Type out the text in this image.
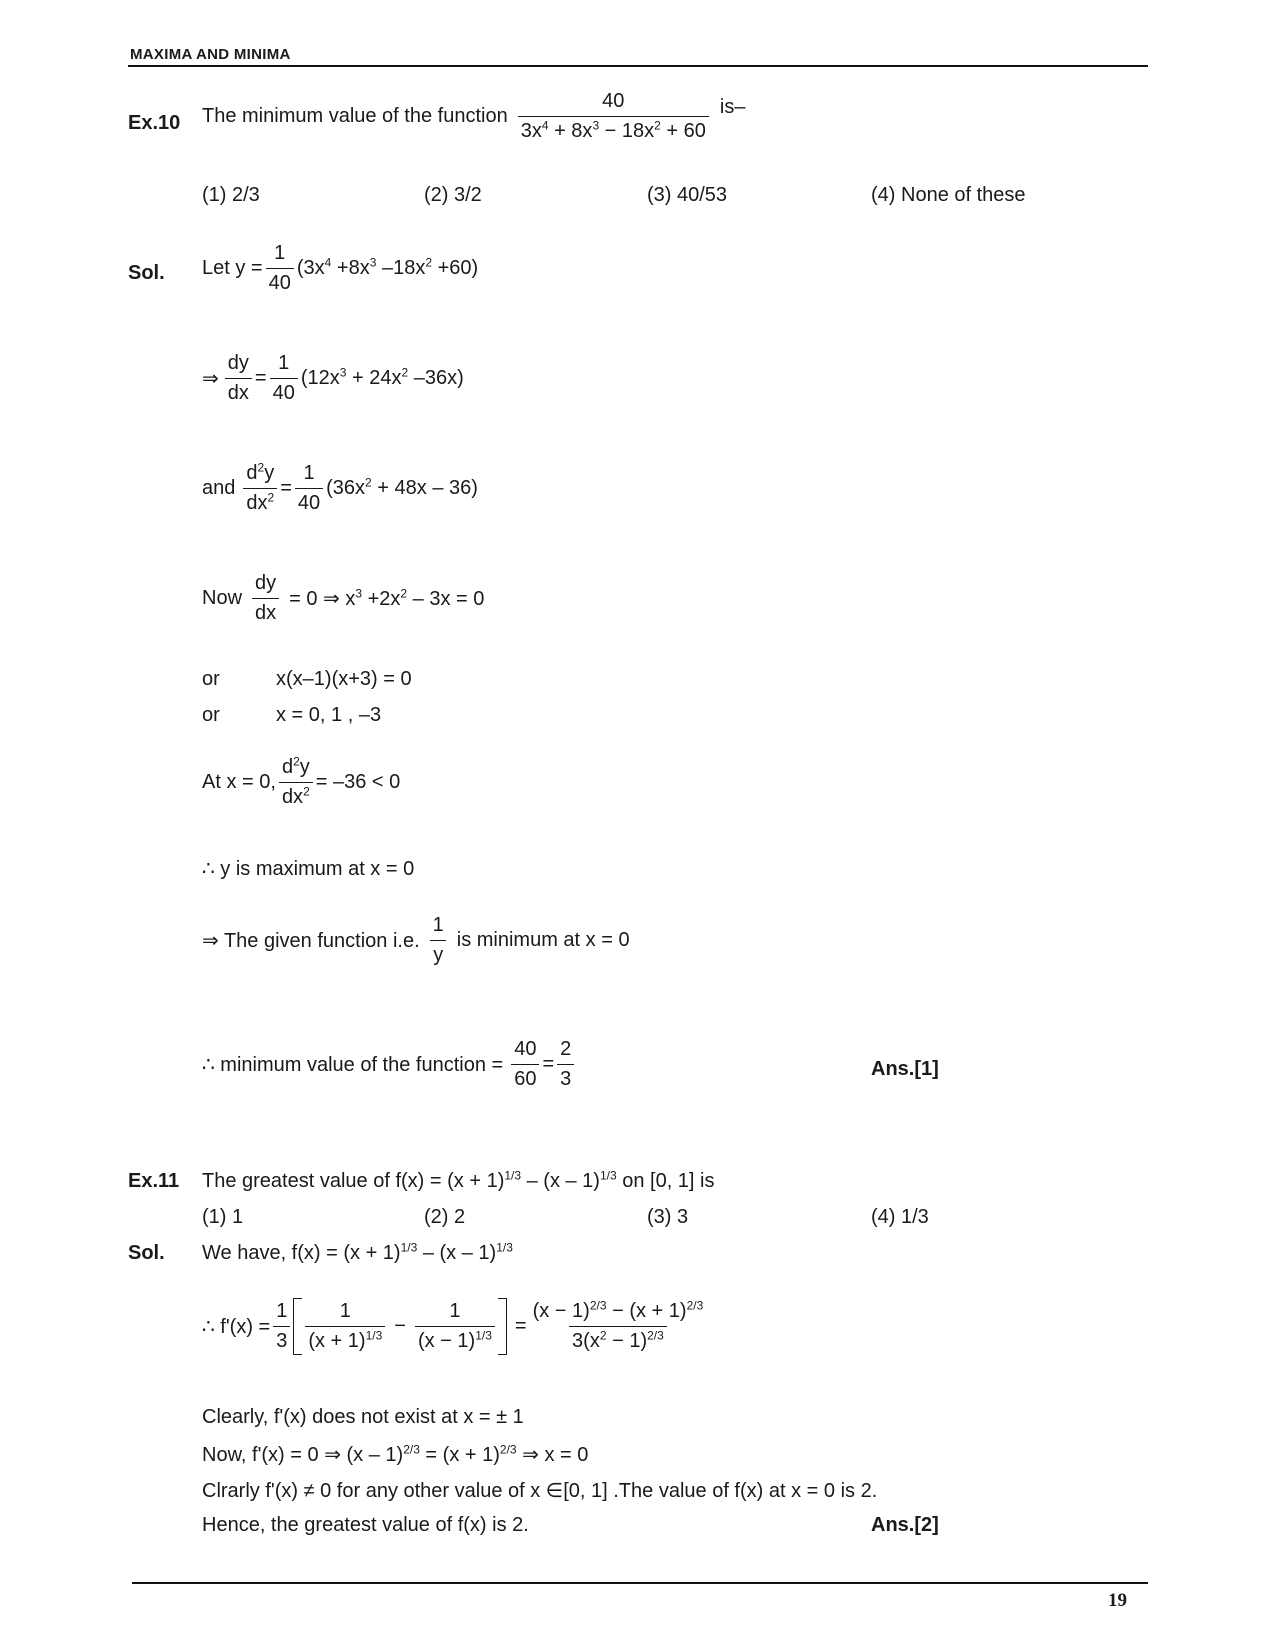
MAXIMA AND MINIMA
Ex.10 The minimum value of the function $\frac{40}{3x^4 + 8x^3 - 18x^2 + 60} is-$
(1) 2/3	(2) 3/2	(3) 40/53	(4) None of these
Sol. Let $y = \frac{1}{40} (3x^4 +8x^3$ $-18x^2 +60$)
⇒ $\frac{dy}{dx} = \frac{1}{40} (12x^3 + 24x^2$ –36x)
and $\frac{d^2y}{dx^2} = \frac{1}{40} (36x^2 + 48x - 36)$
Now $\frac{dy}{dx} = 0$ ⇒ $x^3 +2x^2 - 3x = 0$
or	x(x–1)(x+3) = 0
or	x = 0, 1 , –3
At x = 0, $\frac{d^2y}{dx^2} = -36 < 0$
∴ y is maximum at x = 0
⇒ The given function i.e. $\frac{1}{y}$ is minimum at x = 0
∴ minimum value of the function = $\frac{40}{60} = \frac{2}{3}$	Ans.[1]
Ex.11 The greatest value of $f(x) = (x + 1)^{1/3} - (x - 1)^{1/3}$ on [0, 1] is
(1) 1	(2) 2	(3) 3	(4) 1/3
Sol. We have, $f(x) = (x + 1)^{1/3} - (x - 1)^{1/3}$
∴ $f'(x) = \frac{1}{3} \frac{1}{(x + 1)^{1/3}} - \frac{1}{(x - 1)^{1/3}} = \frac{(x - 1)^{2/3} - (x + 1)^{2/3}}{3(x^2 - 1)^{2/3}}$
Clearly, f'(x) does not exist at x = ± 1
Now, f'(x) = 0 ⇒ $(x - 1)^{2/3} = (x + 1)^{2/3}$ ⇒ x = 0
Clrarly f'(x) ≠ 0 for any other value of x ∈[0, 1] .The value of f(x) at x = 0 is 2.
Hence, the greatest value of f(x) is 2.	Ans.[2]
19
